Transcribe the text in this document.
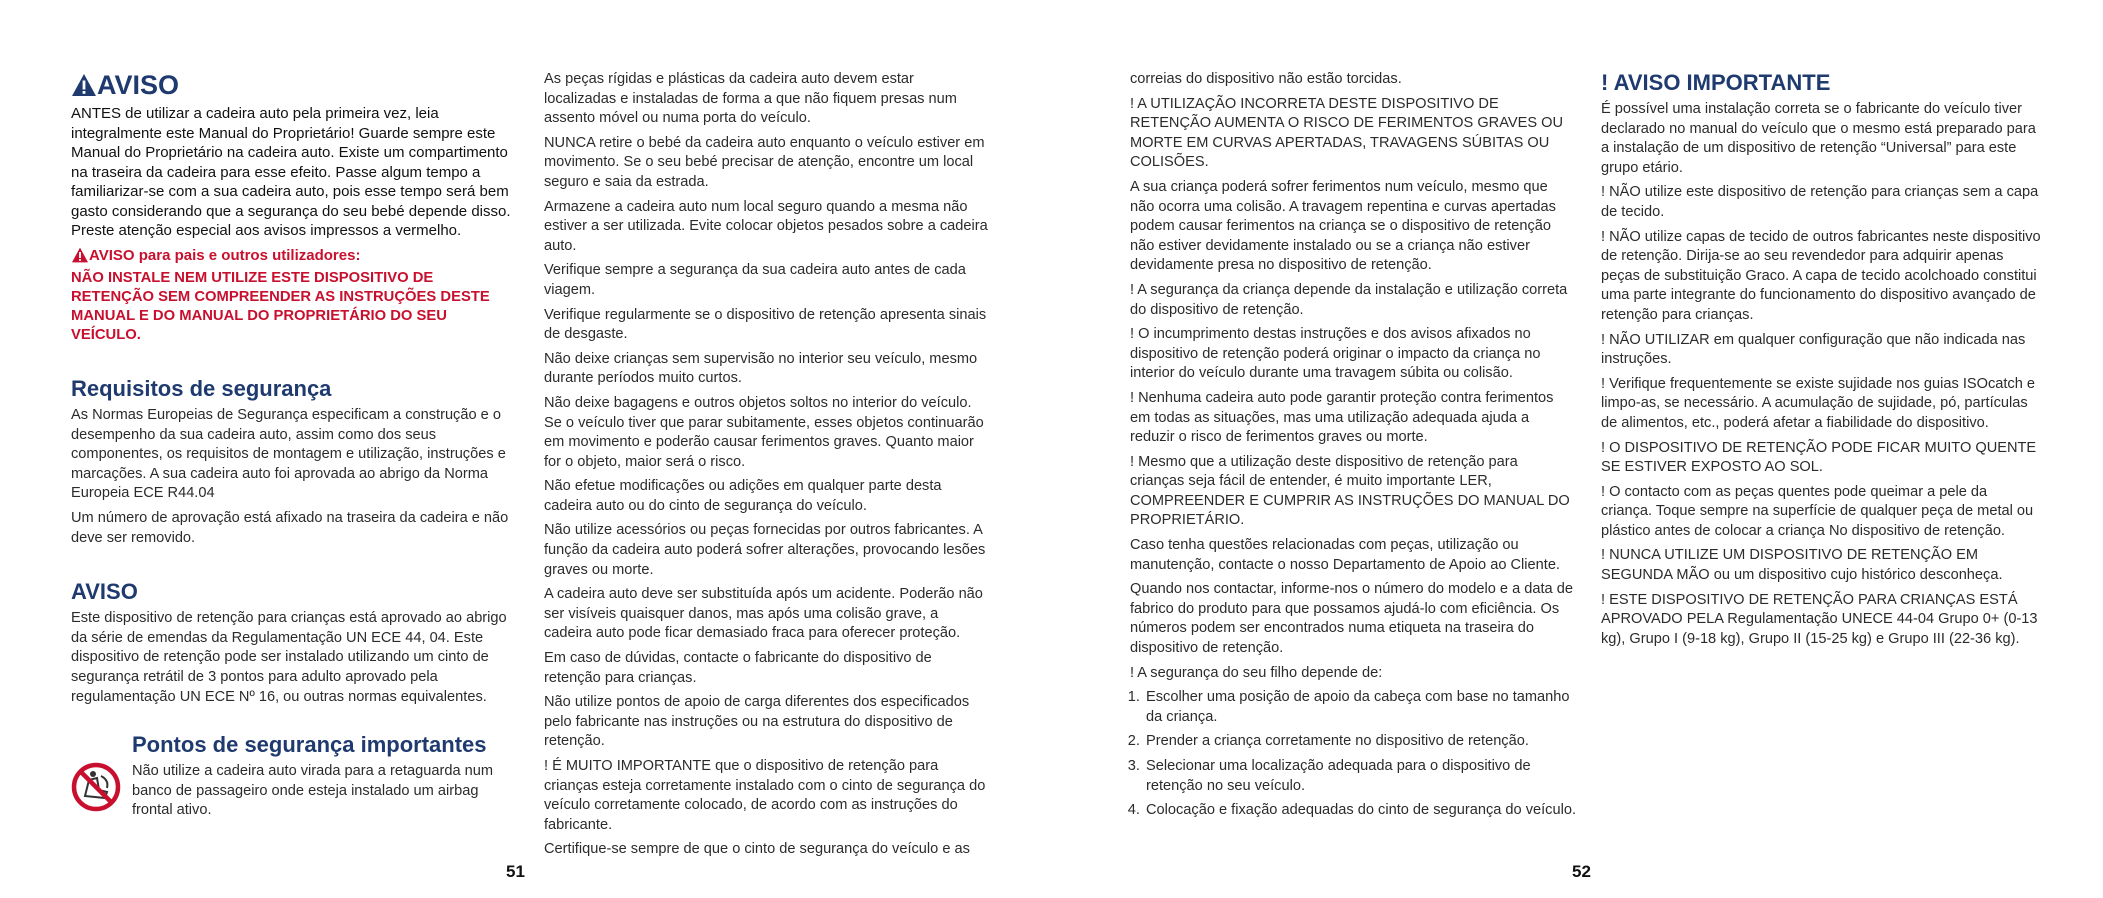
AVISO

ANTES de utilizar a cadeira auto pela primeira vez, leia integralmente este Manual do Proprietário! Guarde sempre este Manual do Proprietário na cadeira auto. Existe um compartimento na traseira da cadeira para esse efeito. Passe algum tempo a familiarizar-se com a sua cadeira auto, pois esse tempo será bem gasto considerando que a segurança do seu bebé depende disso. Preste atenção especial aos avisos impressos a vermelho.

AVISO para pais e outros utilizadores:

NÃO INSTALE NEM UTILIZE ESTE DISPOSITIVO DE RETENÇÃO SEM COMPREENDER AS INSTRUÇÕES DESTE MANUAL E DO MANUAL DO PROPRIETÁRIO DO SEU VEÍCULO.

Requisitos de segurança

As Normas Europeias de Segurança especificam a construção e o desempenho da sua cadeira auto, assim como dos seus componentes, os requisitos de montagem e utilização, instruções e marcações. A sua cadeira auto foi aprovada ao abrigo da Norma Europeia ECE R44.04

Um número de aprovação está afixado na traseira da cadeira e não deve ser removido.

AVISO

Este dispositivo de retenção para crianças está aprovado ao abrigo da série de emendas da Regulamentação UN ECE 44, 04. Este dispositivo de retenção pode ser instalado utilizando um cinto de segurança retrátil de 3 pontos para adulto aprovado pela regulamentação UN ECE Nº 16, ou outras normas equivalentes.

Pontos de segurança importantes

Não utilize a cadeira auto virada para a retaguarda num banco de passageiro onde esteja instalado um airbag frontal ativo.

As peças rígidas e plásticas da cadeira auto devem estar localizadas e instaladas de forma a que não fiquem presas num assento móvel ou numa porta do veículo.

NUNCA retire o bebé da cadeira auto enquanto o veículo estiver em movimento. Se o seu bebé precisar de atenção, encontre um local seguro e saia da estrada.

Armazene a cadeira auto num local seguro quando a mesma não estiver a ser utilizada. Evite colocar objetos pesados sobre a cadeira auto.

Verifique sempre a segurança da sua cadeira auto antes de cada viagem.

Verifique regularmente se o dispositivo de retenção apresenta sinais de desgaste.

Não deixe crianças sem supervisão no interior seu veículo, mesmo durante períodos muito curtos.

Não deixe bagagens e outros objetos soltos no interior do veículo. Se o veículo tiver que parar subitamente, esses objetos continuarão em movimento e poderão causar ferimentos graves. Quanto maior for o objeto, maior será o risco.

Não efetue modificações ou adições em qualquer parte desta cadeira auto ou do cinto de segurança do veículo.

Não utilize acessórios ou peças fornecidas por outros fabricantes. A função da cadeira auto poderá sofrer alterações, provocando lesões graves ou morte.

A cadeira auto deve ser substituída após um acidente. Poderão não ser visíveis quaisquer danos, mas após uma colisão grave, a cadeira auto pode ficar demasiado fraca para oferecer proteção.

Em caso de dúvidas, contacte o fabricante do dispositivo de retenção para crianças.

Não utilize pontos de apoio de carga diferentes dos especificados pelo fabricante nas instruções ou na estrutura do dispositivo de retenção.

! É MUITO IMPORTANTE que o dispositivo de retenção para crianças esteja corretamente instalado com o cinto de segurança do veículo corretamente colocado, de acordo com as instruções do fabricante.

Certifique-se sempre de que o cinto de segurança do veículo e as

correias do dispositivo não estão torcidas.

! A UTILIZAÇÃO INCORRETA DESTE DISPOSITIVO DE RETENÇÃO AUMENTA O RISCO DE FERIMENTOS GRAVES OU MORTE EM CURVAS APERTADAS, TRAVAGENS SÚBITAS OU COLISÕES.

A sua criança poderá sofrer ferimentos num veículo, mesmo que não ocorra uma colisão. A travagem repentina e curvas apertadas podem causar ferimentos na criança se o dispositivo de retenção não estiver devidamente instalado ou se a criança não estiver devidamente presa no dispositivo de retenção.

! A segurança da criança depende da instalação e utilização correta do dispositivo de retenção.

! O incumprimento destas instruções e dos avisos afixados no dispositivo de retenção poderá originar o impacto da criança no interior do veículo durante uma travagem súbita ou colisão.

! Nenhuma cadeira auto pode garantir proteção contra ferimentos em todas as situações, mas uma utilização adequada ajuda a reduzir o risco de ferimentos graves ou morte.

! Mesmo que a utilização deste dispositivo de retenção para crianças seja fácil de entender, é muito importante LER, COMPREENDER E CUMPRIR AS INSTRUÇÕES DO MANUAL DO PROPRIETÁRIO.

Caso tenha questões relacionadas com peças, utilização ou manutenção, contacte o nosso Departamento de Apoio ao Cliente.

Quando nos contactar, informe-nos o número do modelo e a data de fabrico do produto para que possamos ajudá-lo com eficiência. Os números podem ser encontrados numa etiqueta na traseira do dispositivo de retenção.

! A segurança do seu filho depende de:

1. Escolher uma posição de apoio da cabeça com base no tamanho da criança.
2. Prender a criança corretamente no dispositivo de retenção.
3. Selecionar uma localização adequada para o dispositivo de retenção no seu veículo.
4. Colocação e fixação adequadas do cinto de segurança do veículo.
! AVISO IMPORTANTE

É possível uma instalação correta se o fabricante do veículo tiver declarado no manual do veículo que o mesmo está preparado para a instalação de um dispositivo de retenção “Universal” para este grupo etário.

! NÃO utilize este dispositivo de retenção para crianças sem a capa de tecido.

! NÃO utilize capas de tecido de outros fabricantes neste dispositivo de retenção. Dirija-se ao seu revendedor para adquirir apenas peças de substituição Graco. A capa de tecido acolchoado constitui uma parte integrante do funcionamento do dispositivo avançado de retenção para crianças.

! NÃO UTILIZAR em qualquer configuração que não indicada nas instruções.

! Verifique frequentemente se existe sujidade nos guias ISOcatch e limpo-as, se necessário. A acumulação de sujidade, pó, partículas de alimentos, etc., poderá afetar a fiabilidade do dispositivo.

! O DISPOSITIVO DE RETENÇÃO PODE FICAR MUITO QUENTE SE ESTIVER EXPOSTO AO SOL.

! O contacto com as peças quentes pode queimar a pele da criança. Toque sempre na superfície de qualquer peça de metal ou plástico antes de colocar a criança No dispositivo de retenção.

! NUNCA UTILIZE UM DISPOSITIVO DE RETENÇÃO EM SEGUNDA MÃO ou um dispositivo cujo histórico desconheça.

! ESTE DISPOSITIVO DE RETENÇÃO PARA CRIANÇAS ESTÁ APROVADO PELA Regulamentação UNECE 44-04 Grupo 0+ (0-13 kg), Grupo I (9-18 kg), Grupo II (15-25 kg) e Grupo III (22-36 kg).

51	52
